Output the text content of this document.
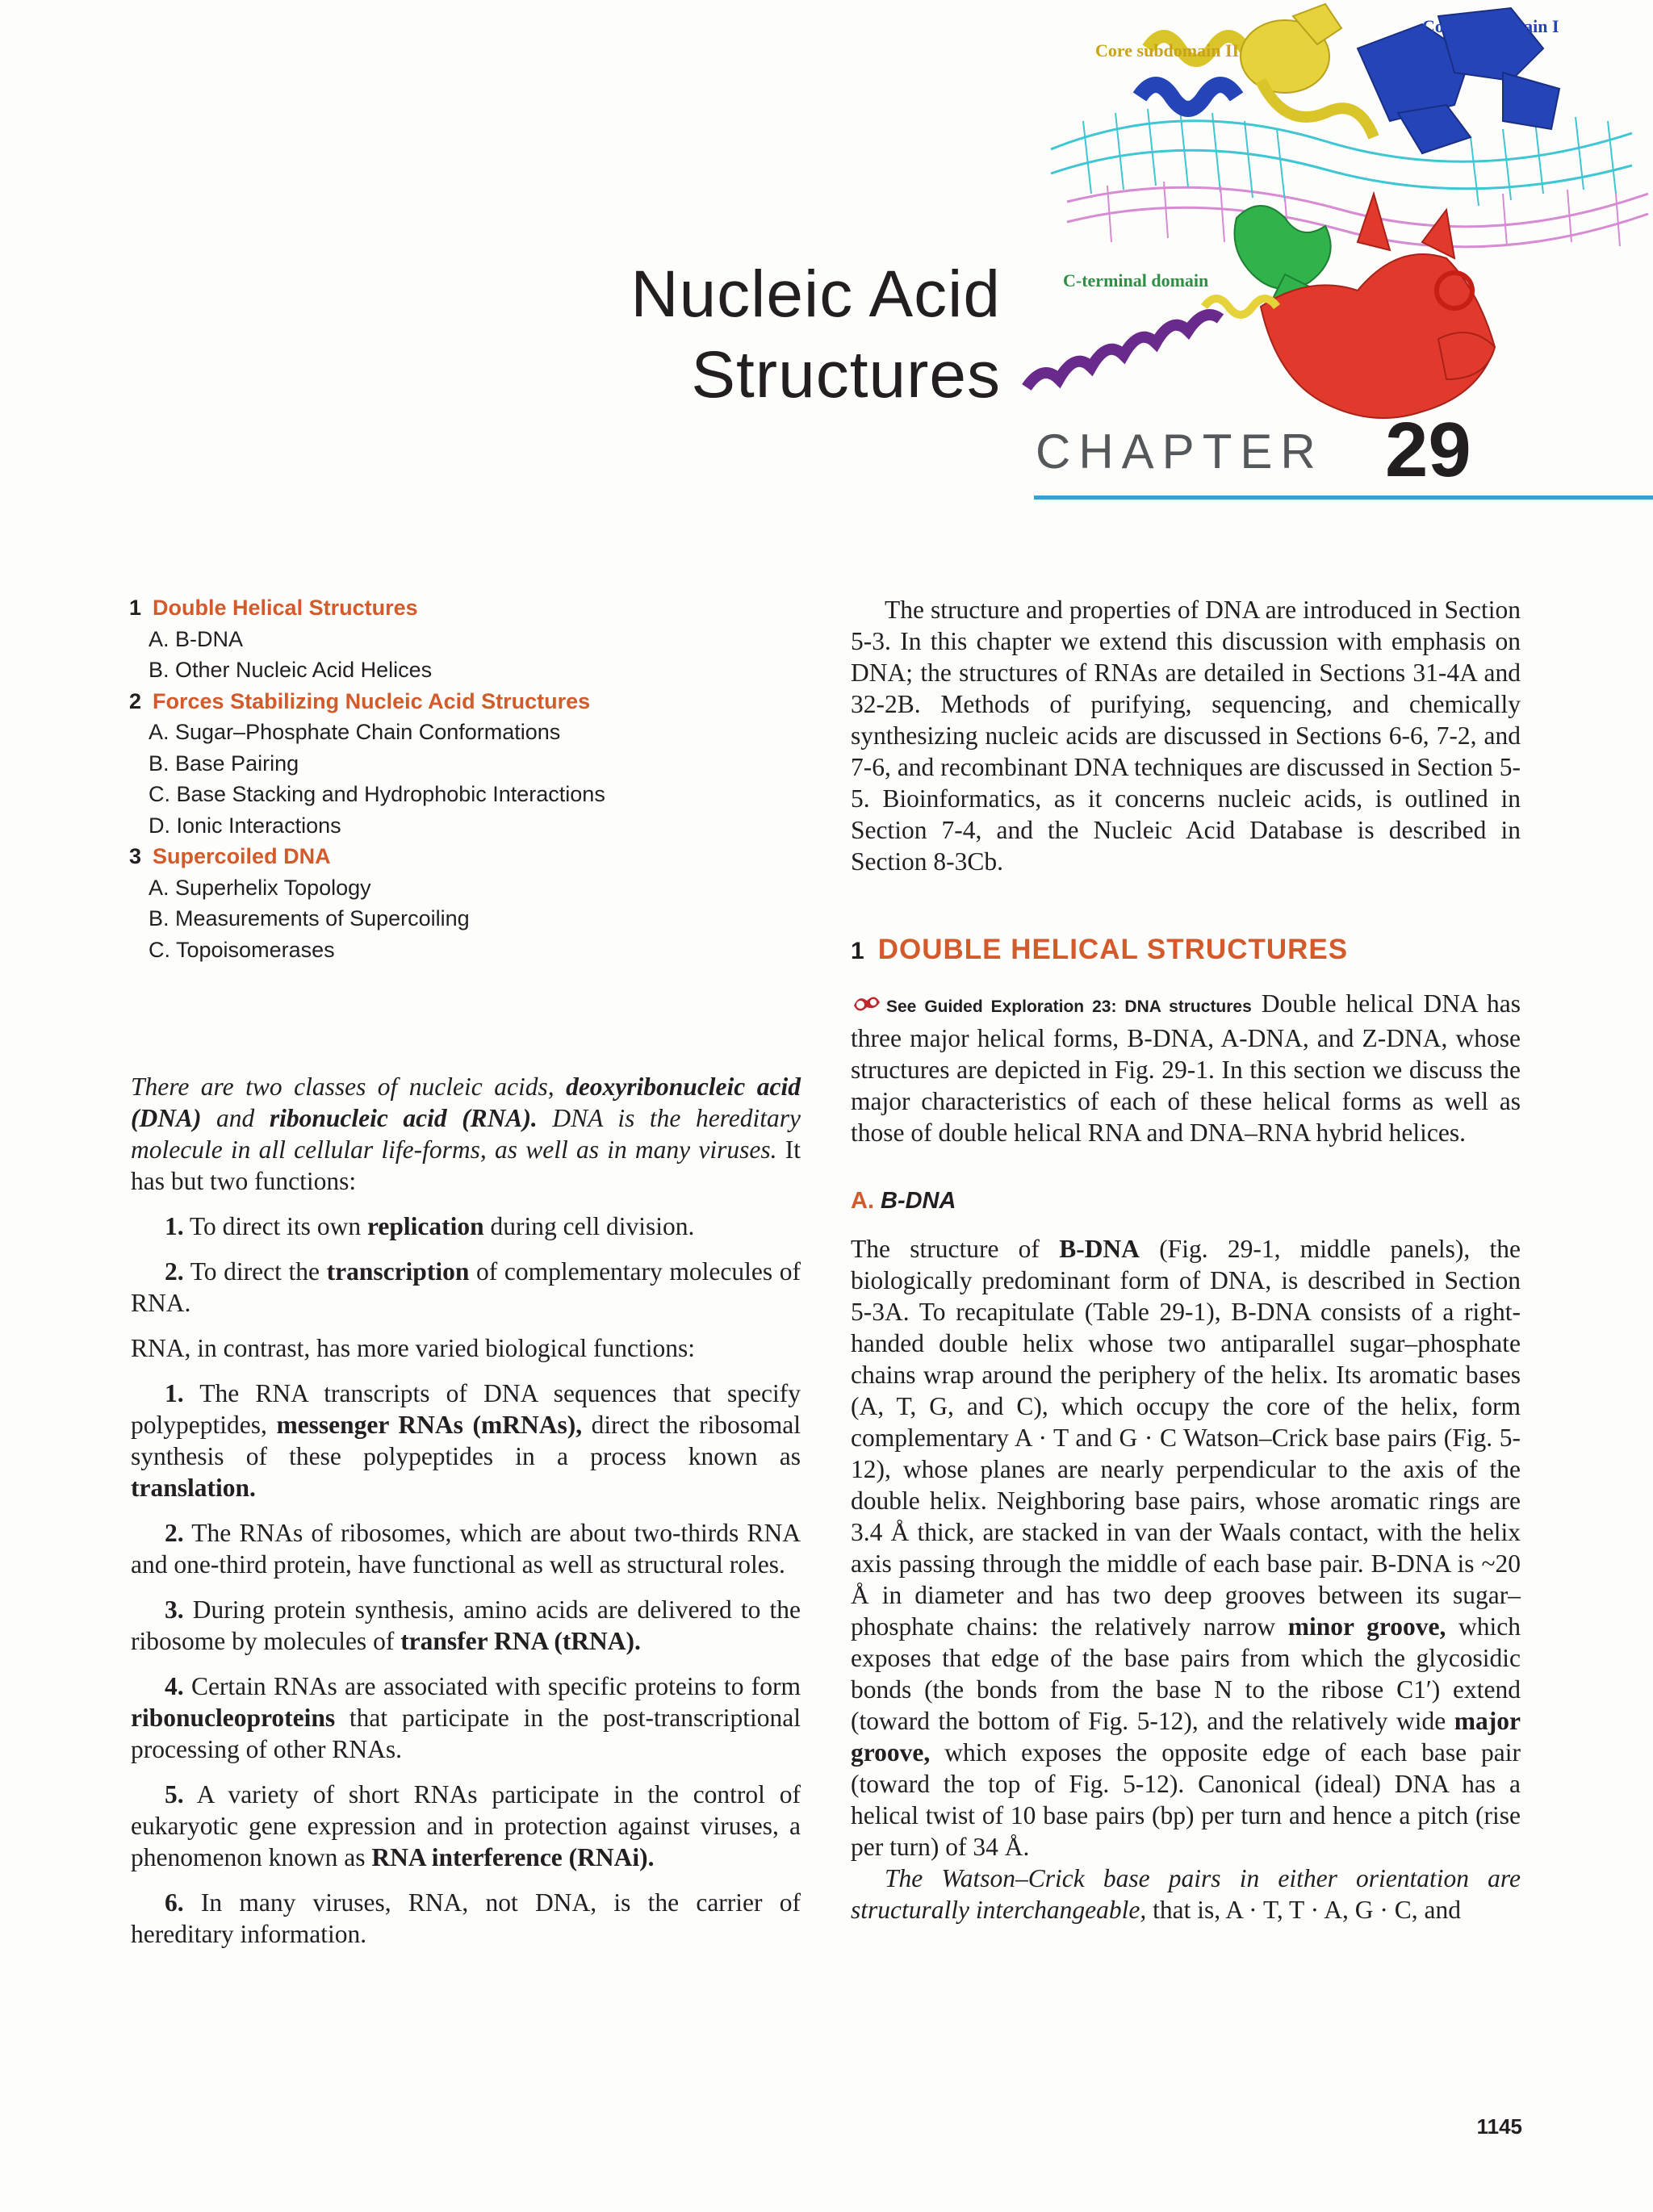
Core subdomain I
Core subdomain II
C-terminal domain
Nucleic Acid
Structures
CHAPTER 29
1 Double Helical Structures
A. B-DNA
B. Other Nucleic Acid Helices
2 Forces Stabilizing Nucleic Acid Structures
A. Sugar–Phosphate Chain Conformations
B. Base Pairing
C. Base Stacking and Hydrophobic Interactions
D. Ionic Interactions
3 Supercoiled DNA
A. Superhelix Topology
B. Measurements of Supercoiling
C. Topoisomerases

There are two classes of nucleic acids, deoxyribonucleic acid (DNA) and ribonucleic acid (RNA). DNA is the hereditary molecule in all cellular life-forms, as well as in many viruses. It has but two functions:

1. To direct its own replication during cell division.

2. To direct the transcription of complementary molecules of RNA.

RNA, in contrast, has more varied biological functions:

1. The RNA transcripts of DNA sequences that specify polypeptides, messenger RNAs (mRNAs), direct the ribosomal synthesis of these polypeptides in a process known as translation.

2. The RNAs of ribosomes, which are about two-thirds RNA and one-third protein, have functional as well as structural roles.

3. During protein synthesis, amino acids are delivered to the ribosome by molecules of transfer RNA (tRNA).

4. Certain RNAs are associated with specific proteins to form ribonucleoproteins that participate in the post-transcriptional processing of other RNAs.

5. A variety of short RNAs participate in the control of eukaryotic gene expression and in protection against viruses, a phenomenon known as RNA interference (RNAi).

6. In many viruses, RNA, not DNA, is the carrier of hereditary information.

The structure and properties of DNA are introduced in Section 5-3. In this chapter we extend this discussion with emphasis on DNA; the structures of RNAs are detailed in Sections 31-4A and 32-2B. Methods of purifying, sequencing, and chemically synthesizing nucleic acids are discussed in Sections 6-6, 7-2, and 7-6, and recombinant DNA techniques are discussed in Section 5-5. Bioinformatics, as it concerns nucleic acids, is outlined in Section 7-4, and the Nucleic Acid Database is described in Section 8-3Cb.

1 DOUBLE HELICAL STRUCTURES

See Guided Exploration 23: DNA structures Double helical DNA has three major helical forms, B-DNA, A-DNA, and Z-DNA, whose structures are depicted in Fig. 29-1. In this section we discuss the major characteristics of each of these helical forms as well as those of double helical RNA and DNA–RNA hybrid helices.

A. B-DNA

The structure of B-DNA (Fig. 29-1, middle panels), the biologically predominant form of DNA, is described in Section 5-3A. To recapitulate (Table 29-1), B-DNA consists of a right-handed double helix whose two antiparallel sugar–phosphate chains wrap around the periphery of the helix. Its aromatic bases (A, T, G, and C), which occupy the core of the helix, form complementary A · T and G · C Watson–Crick base pairs (Fig. 5-12), whose planes are nearly perpendicular to the axis of the double helix. Neighboring base pairs, whose aromatic rings are 3.4 Å thick, are stacked in van der Waals contact, with the helix axis passing through the middle of each base pair. B-DNA is ~20 Å in diameter and has two deep grooves between its sugar–phosphate chains: the relatively narrow minor groove, which exposes that edge of the base pairs from which the glycosidic bonds (the bonds from the base N to the ribose C1′) extend (toward the bottom of Fig. 5-12), and the relatively wide major groove, which exposes the opposite edge of each base pair (toward the top of Fig. 5-12). Canonical (ideal) DNA has a helical twist of 10 base pairs (bp) per turn and hence a pitch (rise per turn) of 34 Å.

The Watson–Crick base pairs in either orientation are structurally interchangeable, that is, A · T, T · A, G · C, and

1145
